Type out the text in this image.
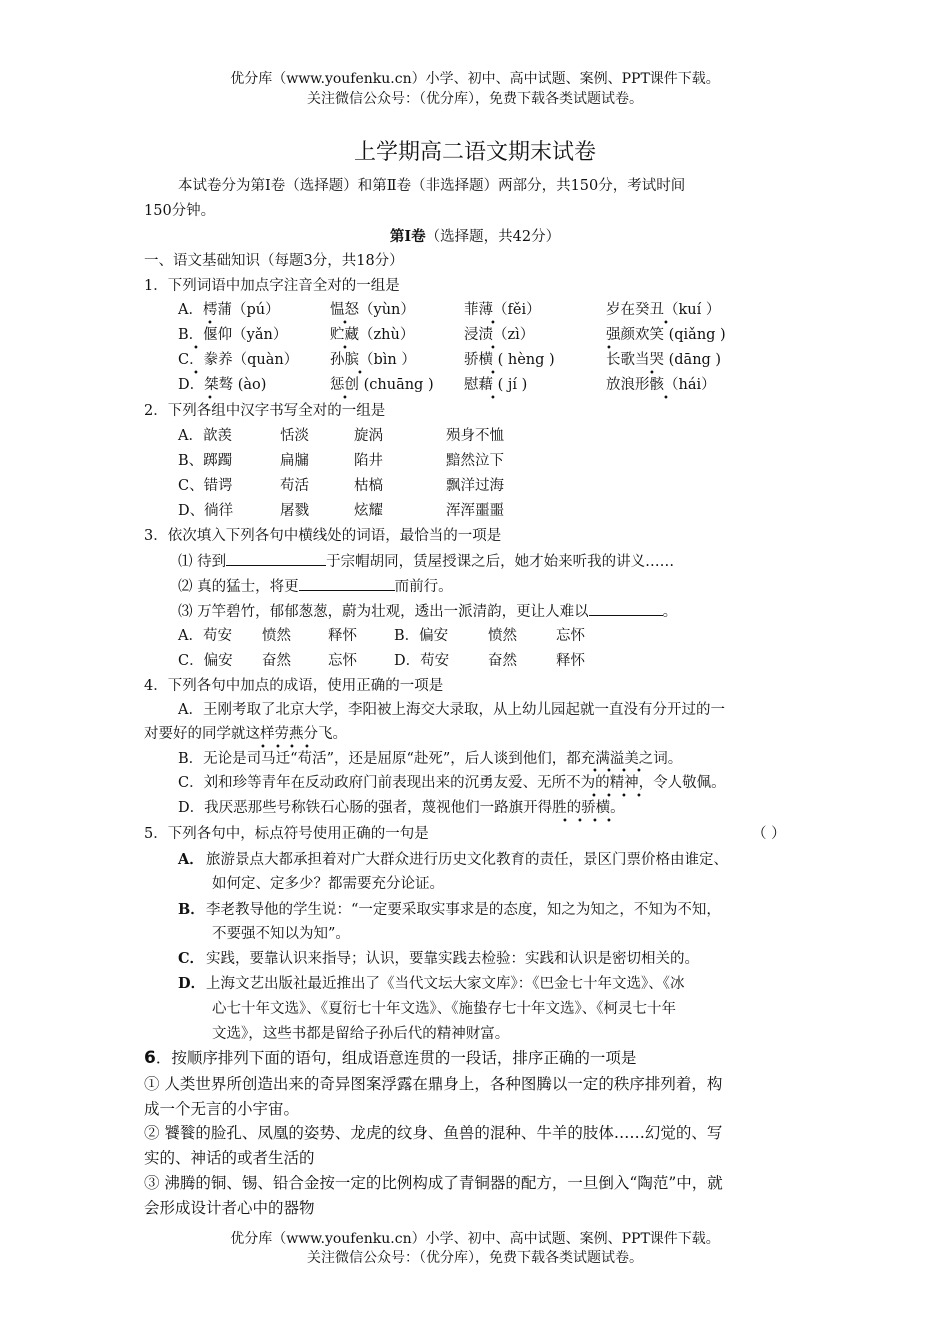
优分库（www.youfenku.cn）小学、初中、高中试题、案例、PPT课件下载。
关注微信公众号：（优分库），免费下载各类试题试卷。
上学期高二语文期末试卷
本试卷分为第Ⅰ卷（选择题）和第Ⅱ卷（非选择题）两部分，共150分，考试时间
150分钟。
第Ⅰ卷（选择题，共42分）
一、语文基础知识（每题3分，共18分）
1．下列词语中加点字注音全对的一组是
A．樗蒲（pú）	愠怒（yùn）	菲薄（fěi）	岁在癸丑（kuí ）
B．偃仰（yǎn）	贮藏（zhù）	浸渍（zì）	强颜欢笑 (qiǎng )
C．豢养（quàn） 孙膑（bìn ）	骄横 ( hèng )	长歌当哭 (dāng )
D．桀骜 (ào)	惩创 (chuāng ) 慰藉 ( jí )	放浪形骸（hái）
•	•	•	•
•	•	•	•
•	•	•	•
•	•	•	•
2．下列各组中汉字书写全对的一组是
A．歆羡	恬淡	旋涡	殒身不恤
B、踯躅	扁牖	陷井	黯然泣下
C、错谔	苟活	枯槁	飘洋过海
D、徜徉	屠戮	炫耀	浑浑噩噩
3．依次填入下列各句中横线处的词语，最恰当的一项是
⑴ 待到	于宗帽胡同，赁屋授课之后，她才始来听我的讲义……
⑵ 真的猛士，将更	而前行。
⑶ 万竿碧竹，郁郁葱葱，蔚为壮观，透出一派清韵，更让人难以	。
A．苟安 愤然	释怀	B．偏安	愤然	忘怀
C．偏安 奋然	忘怀	D．苟安	奋然	释怀
4．下列各句中加点的成语，使用正确的一项是
A．王刚考取了北京大学，李阳被上海交大录取，从上幼儿园起就一直没有分开过的一
对要好的同学就这样劳燕分飞。
B．无论是司马迁“苟活”，还是屈原“赴死”，后人谈到他们，都充满溢美之词。
C．刘和珍等青年在反动政府门前表现出来的沉勇友爱、无所不为的精神，令人敬佩。
D．我厌恶那些号称铁石心肠的强者，蔑视他们一路旗开得胜的骄横。
• • • •
• • • •
• • • •
• • • •
5．下列各句中，标点符号使用正确的一句是	（ ）
A． 旅游景点大都承担着对广大群众进行历史文化教育的责任，景区门票价格由谁定、
如何定、定多少？都需要充分论证。
B． 李老教导他的学生说：“一定要采取实事求是的态度，知之为知之，不知为不知，
不要强不知以为知”。
C． 实践，要靠认识来指导；认识，要靠实践去检验：实践和认识是密切相关的。
D． 上海文艺出版社最近推出了《当代文坛大家文库》：《巴金七十年文选》、《冰
心七十年文选》、《夏衍七十年文选》、《施蛰存七十年文选》、《柯灵七十年
文选》，这些书都是留给子孙后代的精神财富。
6．按顺序排列下面的语句，组成语意连贯的一段话，排序正确的一项是
① 人类世界所创造出来的奇异图案浮露在鼎身上，各种图腾以一定的秩序排列着，构
成一个无言的小宇宙。
② 饕餮的脸孔、凤凰的姿势、龙虎的纹身、鱼兽的混种、牛羊的肢体……幻觉的、写
实的、神话的或者生活的
③ 沸腾的铜、锡、铅合金按一定的比例构成了青铜器的配方，一旦倒入“陶范”中，就
会形成设计者心中的器物
优分库（www.youfenku.cn）小学、初中、高中试题、案例、PPT课件下载。
关注微信公众号：（优分库），免费下载各类试题试卷。
